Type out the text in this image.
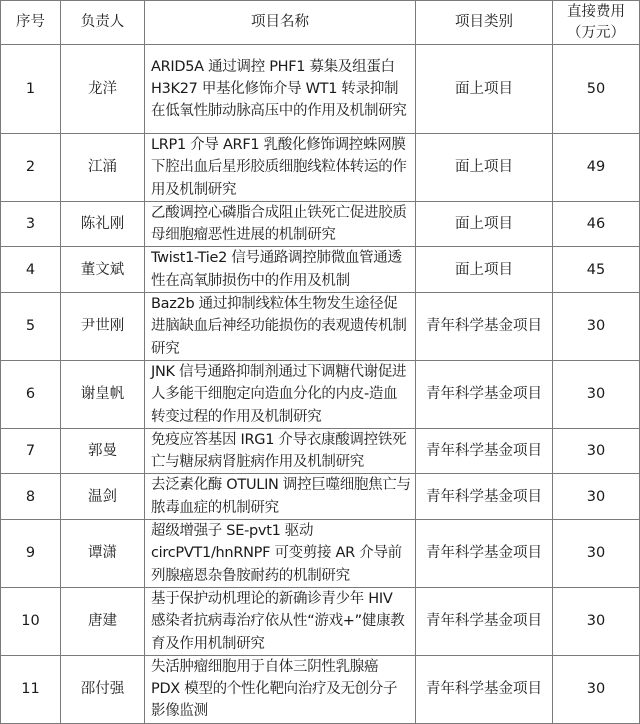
序号	负责人	项目名称	项目类别	直接费用
（万元）

1	龙洋	ARID5A 通过调控 PHF1 募集及组蛋白 H3K27 甲基化修饰介导 WT1 转录抑制在低氧性肺动脉高压中的作用及机制研究	面上项目	50
2	江涌	LRP1 介导 ARF1 乳酸化修饰调控蛛网膜下腔出血后星形胶质细胞线粒体转运的作用及机制研究	面上项目	49
3	陈礼刚	乙酸调控心磷脂合成阻止铁死亡促进胶质母细胞瘤恶性进展的机制研究	面上项目	46
4	董文斌	Twist1-Tie2 信号通路调控肺微血管通透性在高氧肺损伤中的作用及机制	面上项目	45
5	尹世刚	Baz2b 通过抑制线粒体生物发生途径促进脑缺血后神经功能损伤的表观遗传机制研究	青年科学基金项目	30
6	谢皇帆	JNK 信号通路抑制剂通过下调糖代谢促进人多能干细胞定向造血分化的内皮-造血转变过程的作用及机制研究	青年科学基金项目	30
7	郭曼	免疫应答基因 IRG1 介导衣康酸调控铁死亡与糖尿病肾脏病作用及机制研究	青年科学基金项目	30
8	温剑	去泛素化酶 OTULIN 调控巨噬细胞焦亡与脓毒血症的机制研究	青年科学基金项目	30
9	谭潇	超级增强子 SE-pvt1 驱动 circPVT1/hnRNPF 可变剪接 AR 介导前列腺癌恩杂鲁胺耐药的机制研究	青年科学基金项目	30
10	唐建	基于保护动机理论的新确诊青少年 HIV 感染者抗病毒治疗依从性“游戏+”健康教育及作用机制研究	青年科学基金项目	30
11	邵付强	失活肿瘤细胞用于自体三阴性乳腺癌 PDX 模型的个性化靶向治疗及无创分子影像监测	青年科学基金项目	30
